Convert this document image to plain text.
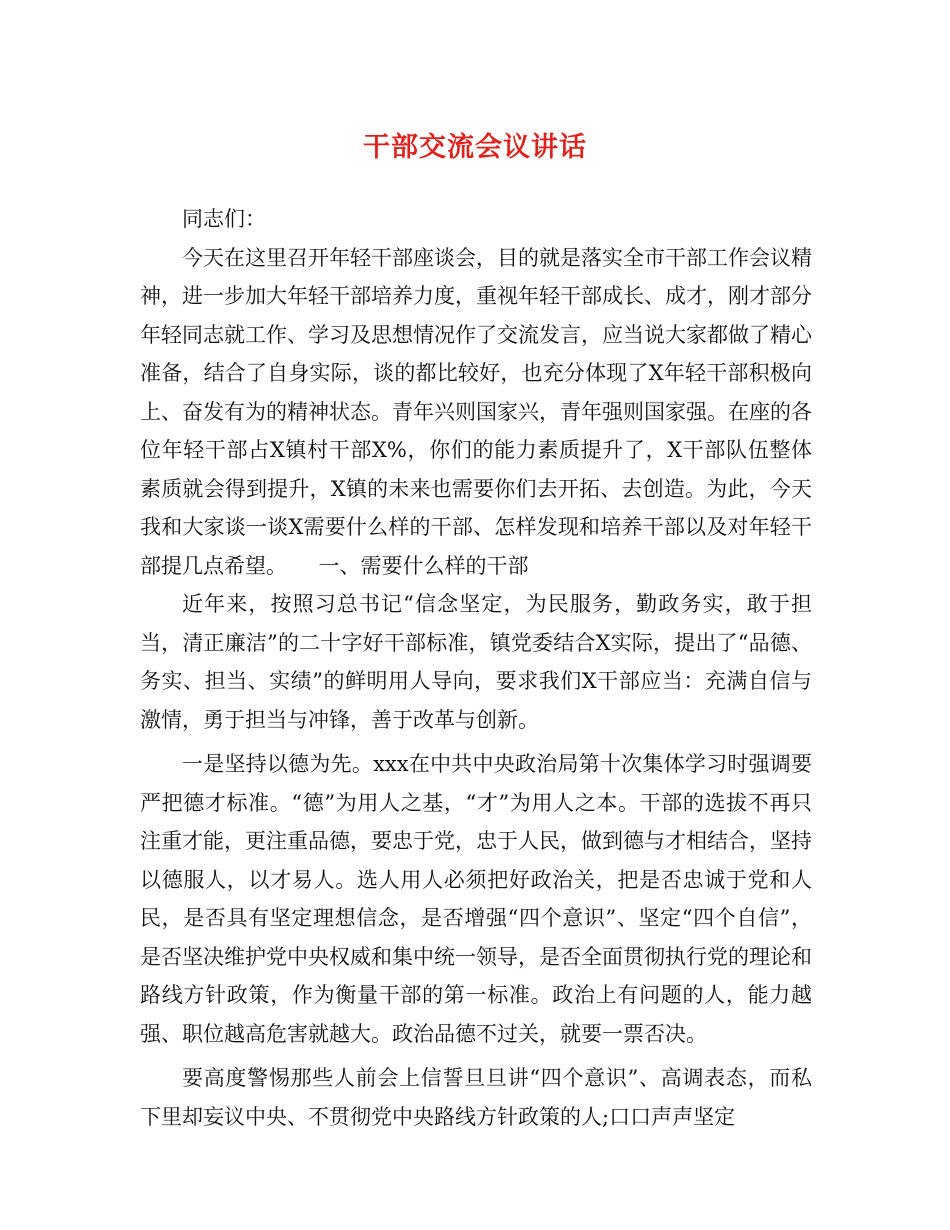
干部交流会议讲话

同志们：

今天在这里召开年轻干部座谈会，目的就是落实全市干部工作会议精神，进一步加大年轻干部培养力度，重视年轻干部成长、成才，刚才部分年轻同志就工作、学习及思想情况作了交流发言，应当说大家都做了精心准备，结合了自身实际，谈的都比较好，也充分体现了X年轻干部积极向上、奋发有为的精神状态。青年兴则国家兴，青年强则国家强。在座的各位年轻干部占X镇村干部X%，你们的能力素质提升了，X干部队伍整体素质就会得到提升，X镇的未来也需要你们去开拓、去创造。为此，今天我和大家谈一谈X需要什么样的干部、怎样发现和培养干部以及对年轻干部提几点希望。　　一、需要什么样的干部

近年来，按照习总书记“信念坚定，为民服务，勤政务实，敢于担当，清正廉洁”的二十字好干部标准，镇党委结合X实际，提出了“品德、务实、担当、实绩”的鲜明用人导向，要求我们X干部应当：充满自信与激情，勇于担当与冲锋，善于改革与创新。

一是坚持以德为先。xxx在中共中央政治局第十次集体学习时强调要严把德才标准。“德”为用人之基，“才”为用人之本。干部的选拔不再只注重才能，更注重品德，要忠于党，忠于人民，做到德与才相结合，坚持以德服人，以才易人。选人用人必须把好政治关，把是否忠诚于党和人民，是否具有坚定理想信念，是否增强“四个意识”、坚定“四个自信”，是否坚决维护党中央权威和集中统一领导，是否全面贯彻执行党的理论和路线方针政策，作为衡量干部的第一标准。政治上有问题的人，能力越强、职位越高危害就越大。政治品德不过关，就要一票否决。

要高度警惕那些人前会上信誓旦旦讲“四个意识”、高调表态，而私下里却妄议中央、不贯彻党中央路线方针政策的人;口口声声坚定
